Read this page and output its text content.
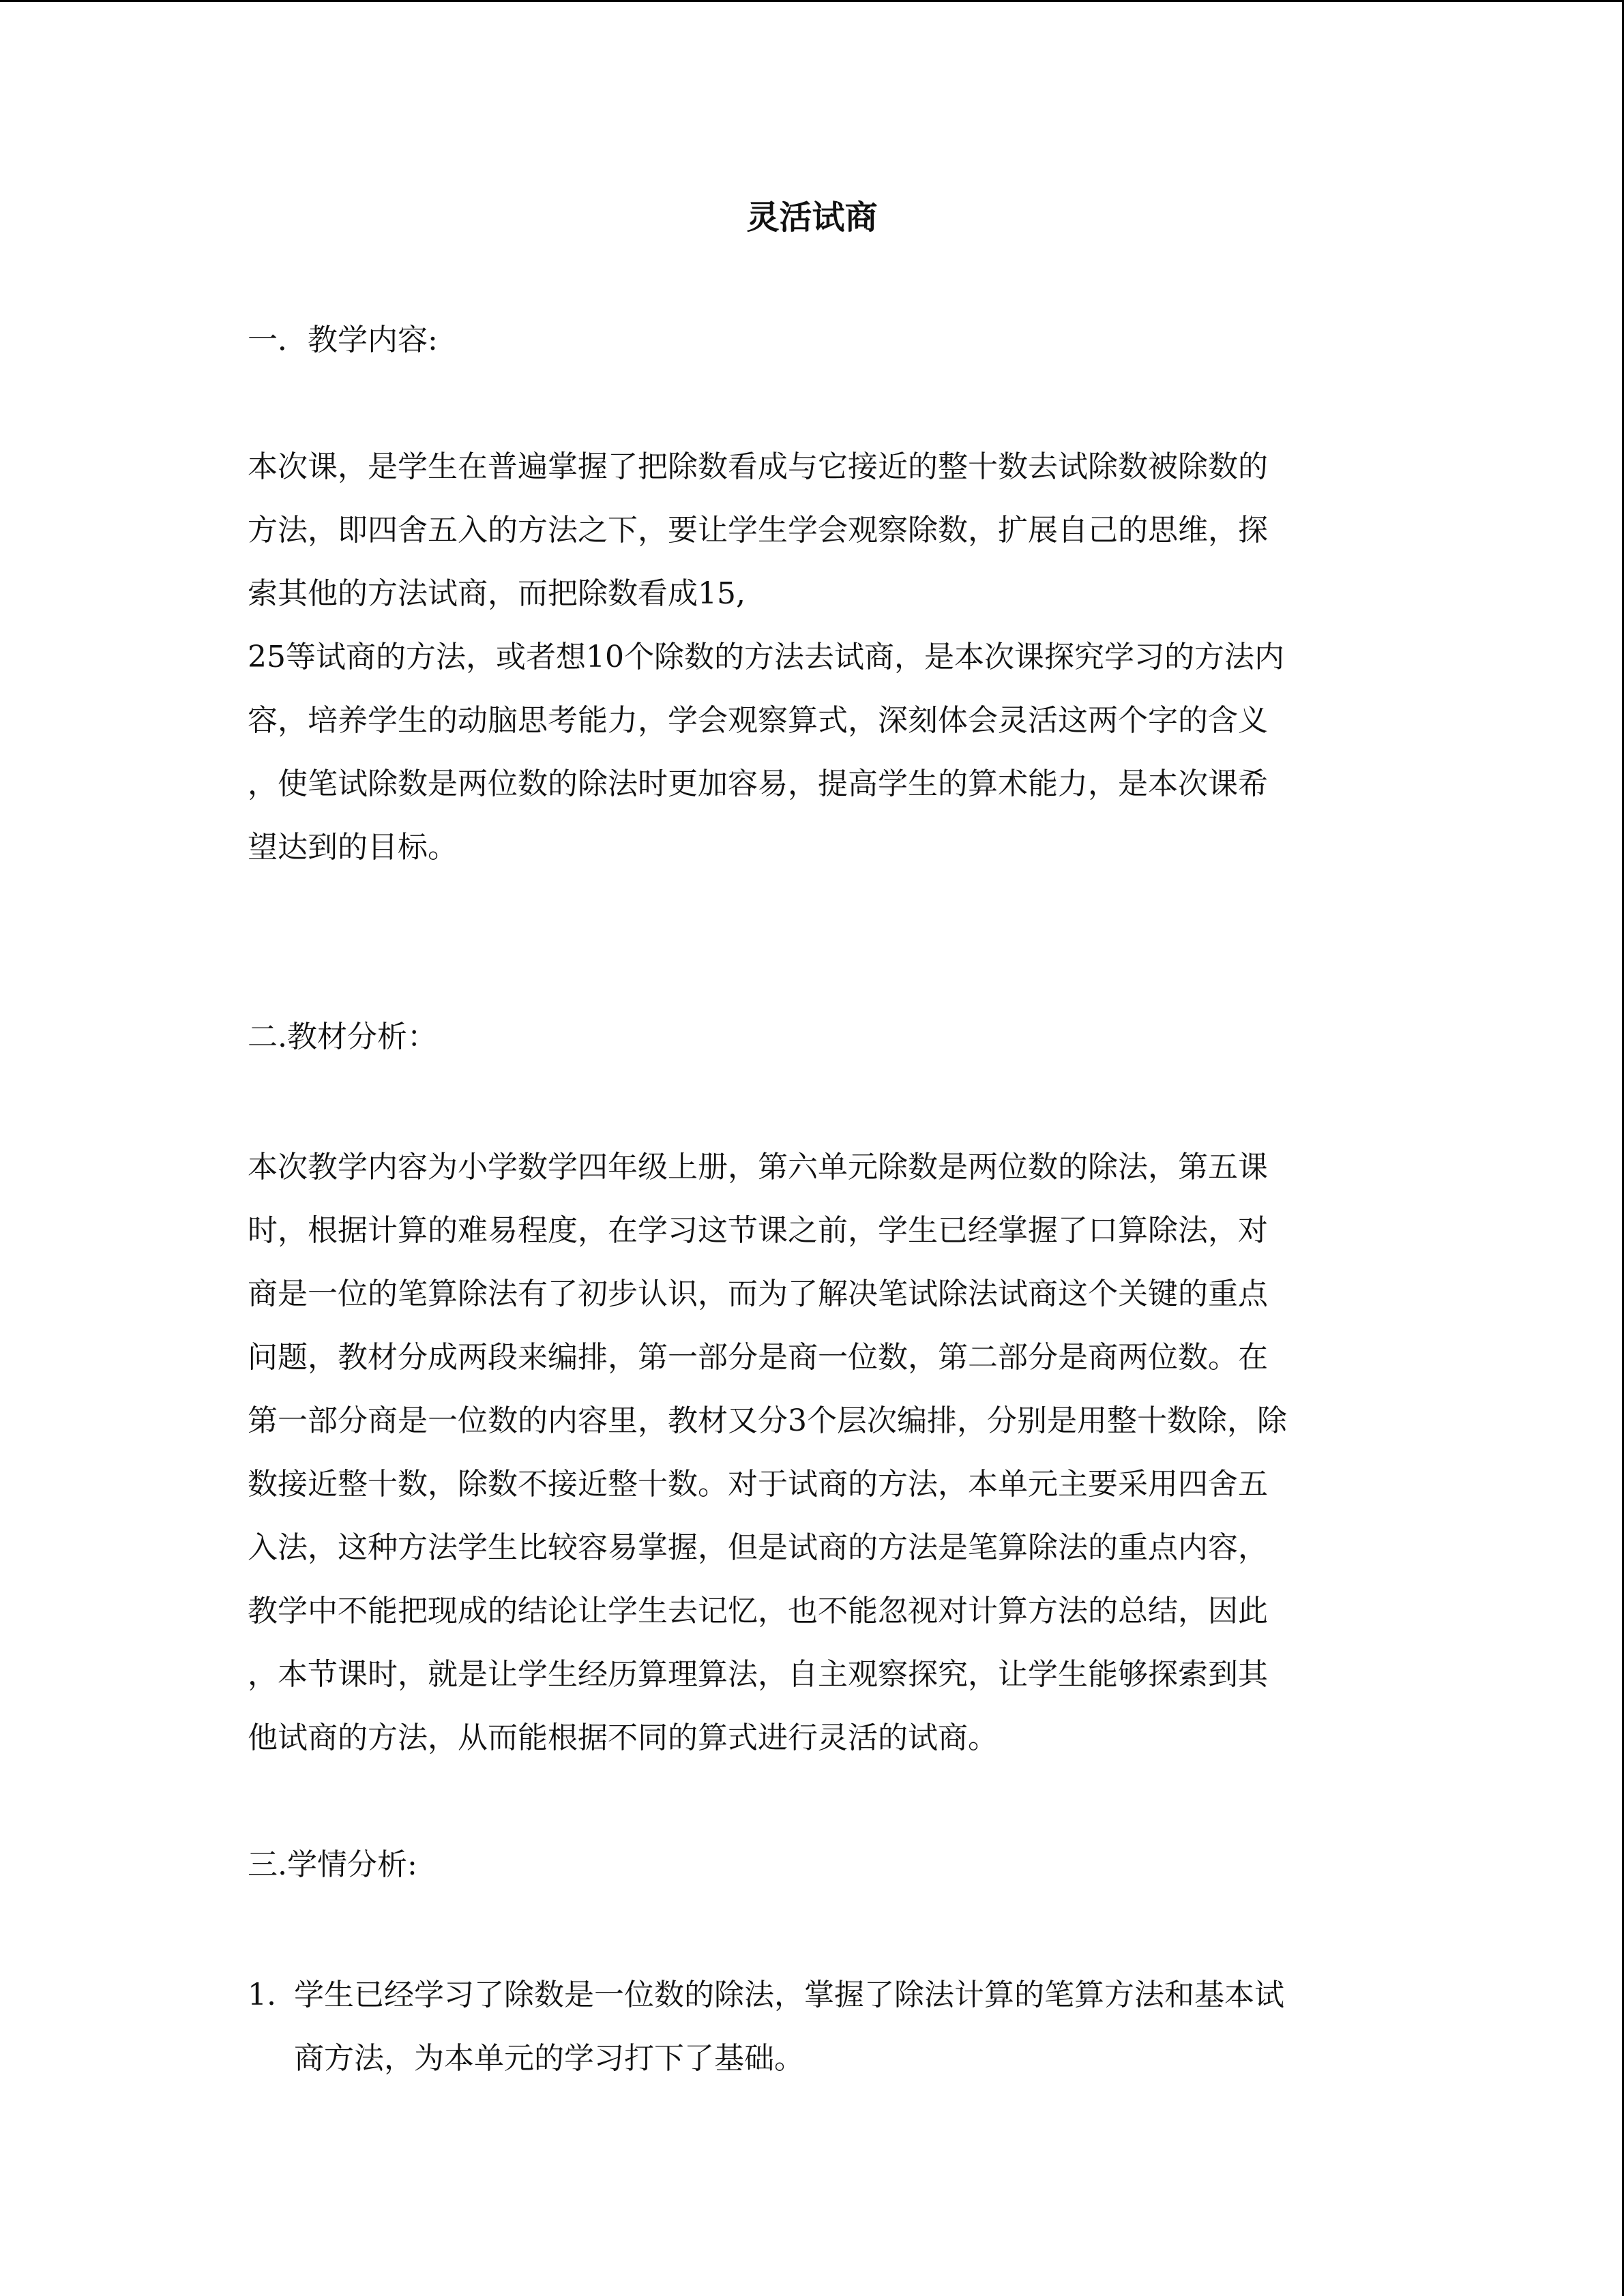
灵活试商
一．教学内容:
本次课，是学生在普遍掌握了把除数看成与它接近的整十数去试除数被除数的
方法，即四舍五入的方法之下，要让学生学会观察除数，扩展自己的思维，探
索其他的方法试商，而把除数看成15,
25等试商的方法，或者想10个除数的方法去试商，是本次课探究学习的方法内
容，培养学生的动脑思考能力，学会观察算式，深刻体会灵活这两个字的含义
，使笔试除数是两位数的除法时更加容易，提高学生的算术能力，是本次课希
望达到的目标。
二.教材分析：
本次教学内容为小学数学四年级上册，第六单元除数是两位数的除法，第五课
时，根据计算的难易程度，在学习这节课之前，学生已经掌握了口算除法，对
商是一位的笔算除法有了初步认识，而为了解决笔试除法试商这个关键的重点
问题，教材分成两段来编排，第一部分是商一位数，第二部分是商两位数。在
第一部分商是一位数的内容里，教材又分3个层次编排，分别是用整十数除，除
数接近整十数，除数不接近整十数。对于试商的方法，本单元主要采用四舍五
入法，这种方法学生比较容易掌握，但是试商的方法是笔算除法的重点内容，
教学中不能把现成的结论让学生去记忆，也不能忽视对计算方法的总结，因此
，本节课时，就是让学生经历算理算法，自主观察探究，让学生能够探索到其
他试商的方法，从而能根据不同的算式进行灵活的试商。
三.学情分析:
1. 学生已经学习了除数是一位数的除法，掌握了除法计算的笔算方法和基本试
商方法，为本单元的学习打下了基础。
